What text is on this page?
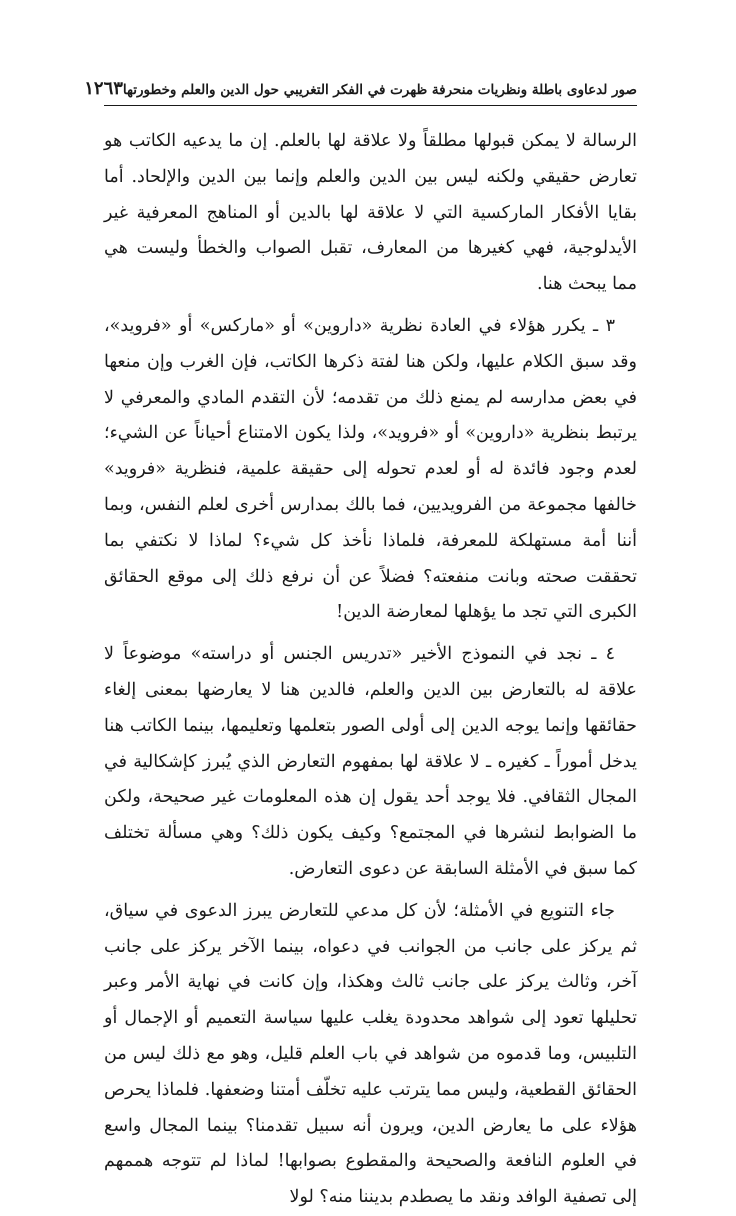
صور لدعاوى باطلة ونظريات منحرفة ظهرت في الفكر التغريبي حول الدين والعلم وخطورتها
١٢٦٣

الرسالة لا يمكن قبولها مطلقاً ولا علاقة لها بالعلم. إن ما يدعيه الكاتب هو تعارض حقيقي ولكنه ليس بين الدين والعلم وإنما بين الدين والإلحاد. أما بقايا الأفكار الماركسية التي لا علاقة لها بالدين أو المناهج المعرفية غير الأيدلوجية، فهي كغيرها من المعارف، تقبل الصواب والخطأ وليست هي مما يبحث هنا.

٣ ـ يكرر هؤلاء في العادة نظرية «داروين» أو «ماركس» أو «فرويد»، وقد سبق الكلام عليها، ولكن هنا لفتة ذكرها الكاتب، فإن الغرب وإن منعها في بعض مدارسه لم يمنع ذلك من تقدمه؛ لأن التقدم المادي والمعرفي لا يرتبط بنظرية «داروين» أو «فرويد»، ولذا يكون الامتناع أحياناً عن الشيء؛ لعدم وجود فائدة له أو لعدم تحوله إلى حقيقة علمية، فنظرية «فرويد» خالفها مجموعة من الفرويديين، فما بالك بمدارس أخرى لعلم النفس، وبما أننا أمة مستهلكة للمعرفة، فلماذا نأخذ كل شيء؟ لماذا لا نكتفي بما تحققت صحته وبانت منفعته؟ فضلاً عن أن نرفع ذلك إلى موقع الحقائق الكبرى التي تجد ما يؤهلها لمعارضة الدين!

٤ ـ نجد في النموذج الأخير «تدريس الجنس أو دراسته» موضوعاً لا علاقة له بالتعارض بين الدين والعلم، فالدين هنا لا يعارضها بمعنى إلغاء حقائقها وإنما يوجه الدين إلى أولى الصور بتعلمها وتعليمها، بينما الكاتب هنا يدخل أموراً ـ كغيره ـ لا علاقة لها بمفهوم التعارض الذي يُبرز كإشكالية في المجال الثقافي. فلا يوجد أحد يقول إن هذه المعلومات غير صحيحة، ولكن ما الضوابط لنشرها في المجتمع؟ وكيف يكون ذلك؟ وهي مسألة تختلف كما سبق في الأمثلة السابقة عن دعوى التعارض.

جاء التنويع في الأمثلة؛ لأن كل مدعي للتعارض يبرز الدعوى في سياق، ثم يركز على جانب من الجوانب في دعواه، بينما الآخر يركز على جانب آخر، وثالث يركز على جانب ثالث وهكذا، وإن كانت في نهاية الأمر وعبر تحليلها تعود إلى شواهد محدودة يغلب عليها سياسة التعميم أو الإجمال أو التلبيس، وما قدموه من شواهد في باب العلم قليل، وهو مع ذلك ليس من الحقائق القطعية، وليس مما يترتب عليه تخلّف أمتنا وضعفها. فلماذا يحرص هؤلاء على ما يعارض الدين، ويرون أنه سبيل تقدمنا؟ بينما المجال واسع في العلوم النافعة والصحيحة والمقطوع بصوابها! لماذا لم تتوجه هممهم إلى تصفية الوافد ونقد ما يصطدم بديننا منه؟ لولا
